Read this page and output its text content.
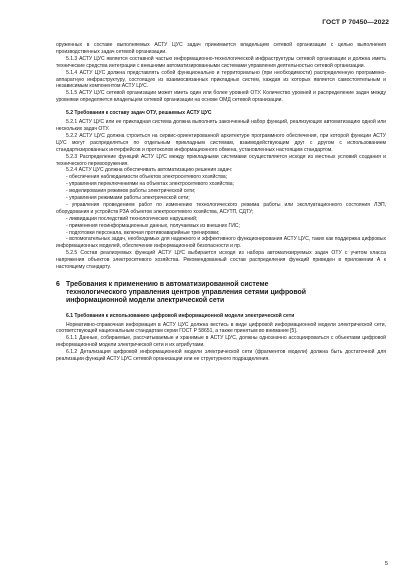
ГОСТ Р 70450—2022

оруженных в составе выполняемых АСТУ ЦУС задач принимается владельцем сетевой организации с целью выполнения производственных задач сетевой организации.

5.1.3 АСТУ ЦУС является составной частью информационно-технологической инфраструктуры сетевой организации и должна иметь технические средства интеграции с внешними автоматизированными системами управления деятельностью сетевой организации.

5.1.4 АСТУ ЦУС должна представлять собой функционально и территориально (при необходимости) распределенную программно-аппаратную инфраструктуру, состоящую из взаимосвязанных прикладных систем, каждая из которых является самостоятельным и независимым компонентом АСТУ ЦУС.

5.1.5 АСТУ ЦУС сетевой организации может иметь один или более уровней ОТУ. Количество уровней и распределение задач между уровнями определяется владельцем сетевой организации на основе ОМД сетевой организации.

5.2 Требования к составу задач ОТУ, решаемых АСТУ ЦУС

5.2.1 АСТУ ЦУС или ее прикладная система должна выполнять законченный набор функций, реализующих автоматизацию одной или нескольких задач ОТУ.

5.2.2 АСТУ ЦУС должна строиться на сервис-ориентированной архитектуре программного обеспечения, при которой функции АСТУ ЦУС могут распределяться по отдельным прикладным системам, взаимодействующим друг с другом с использованием стандартизированных интерфейсов и протоколов информационного обмена, установленных настоящим стандартом.

5.2.3 Распределение функций АСТУ ЦУС между прикладными системами осуществляется исходя из местных условий создания и технического перевооружения.

5.2.4 АСТУ ЦУС должна обеспечивать автоматизацию решения задач:

- обеспечения наблюдаемости объектов электросетевого хозяйства;

- управления переключениями на объектах электросетевого хозяйства;

- моделирования режимов работы электрической сети;

- управления режимами работы электрической сети;

- управления проведением работ по изменению технологического режима работы или эксплуатационного состояния ЛЭП, оборудования и устройств РЗА объектов электросетевого хозяйства, АСУТП, СДТУ;

- ликвидации последствий технологических нарушений;

- применения геоинформационных данных, получаемых из внешних ГИС;

- подготовки персонала, включая противоаварийные тренировки;

- вспомогательных задач, необходимых для надежного и эффективного функционирования АСТУ ЦУС, таких как поддержка цифровых информационных моделей, обеспечение информационной безопасности и пр.

5.2.5 Состав реализуемых функций АСТУ ЦУС выбирается исходя из набора автоматизируемых задач ОТУ с учетом класса напряжения объектов электросетевого хозяйства. Рекомендованный состав распределения функций приведен в приложении А к настоящему стандарту.

6 Требования к применению в автоматизированной системе
технологического управления центров управления сетями цифровой
информационной модели электрической сети

6.1 Требования к использованию цифровой информационной модели электрической сети

Нормативно-справочная информация в АСТУ ЦУС должна вестись в виде цифровой информационной модели электрической сети, соответствующей национальным стандартам серии ГОСТ Р 58651, а также принятым во внимание [5].

6.1.1 Данные, собираемые, рассчитываемые и хранимые в АСТУ ЦУС, должны однозначно ассоциироваться с объектами цифровой информационной модели электрической сети и их атрибутами.

6.1.2 Детализация цифровой информационной модели электрической сети (фрагментов модели) должна быть достаточной для реализации функций АСТУ ЦУС сетевой организации или ее структурного подразделения.

5
